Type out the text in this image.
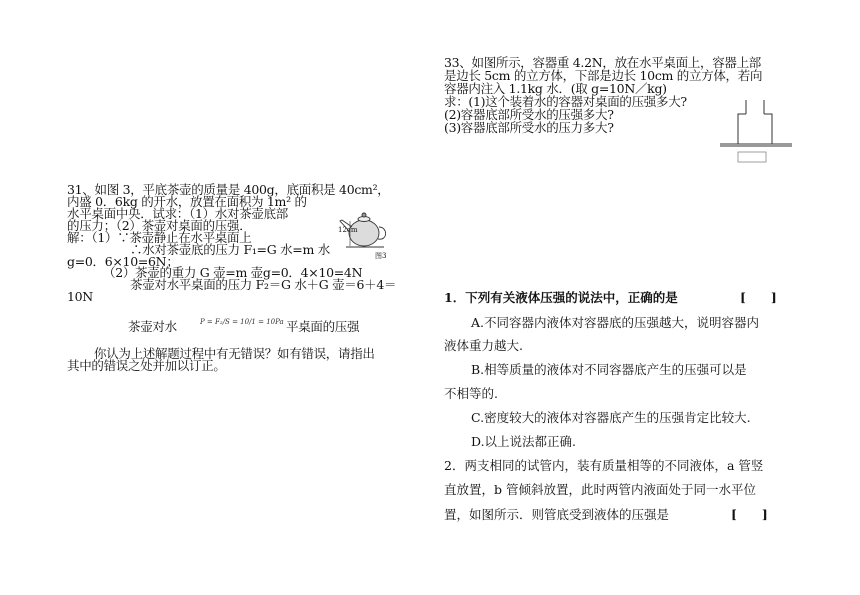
33、如图所示，容器重 4.2N，放在水平桌面上，容器上部
是边长 5cm 的立方体，下部是边长 10cm 的立方体，若向
容器内注入 1.1kg 水．(取 g=10N／kg)
求：(1)这个装着水的容器对桌面的压强多大?
(2)容器底部所受水的压强多大?
(3)容器底部所受水的压力多大?
31、如图 3，平底茶壶的质量是 400g，底面积是 40cm²，
内盛 0．6kg 的开水，放置在面积为 1m² 的
水平桌面中央．试求：（1）水对茶壶底部
的压力；（2）茶壶对桌面的压强．
解：（1）∵茶壶静止在水平桌面上
∴水对茶壶底的压力 F₁=G 水=m 水
g=0．6×10=6N；
（2）茶壶的重力 G 壶=m 壶g=0．4×10=4N
茶壶对水平桌面的压力 F₂＝G 水＋G 壶＝6＋4＝
10N
茶壶对水	P = F₂/S = 10/1 = 10Pa 平桌面的压强
你认为上述解题过程中有无错误？如有错误，请指出
其中的错误之处并加以订正。
12cm
图3
1．下列有关液体压强的说法中，正确的是	[　　]
A.不同容器内液体对容器底的压强越大，说明容器内
液体重力越大.
B.相等质量的液体对不同容器底产生的压强可以是
不相等的.
C.密度较大的液体对容器底产生的压强肯定比较大.
D.以上说法都正确.
2．两支相同的试管内，装有质量相等的不同液体，a 管竖
直放置，b 管倾斜放置，此时两管内液面处于同一水平位
置，如图所示．则管底受到液体的压强是	[　　]
